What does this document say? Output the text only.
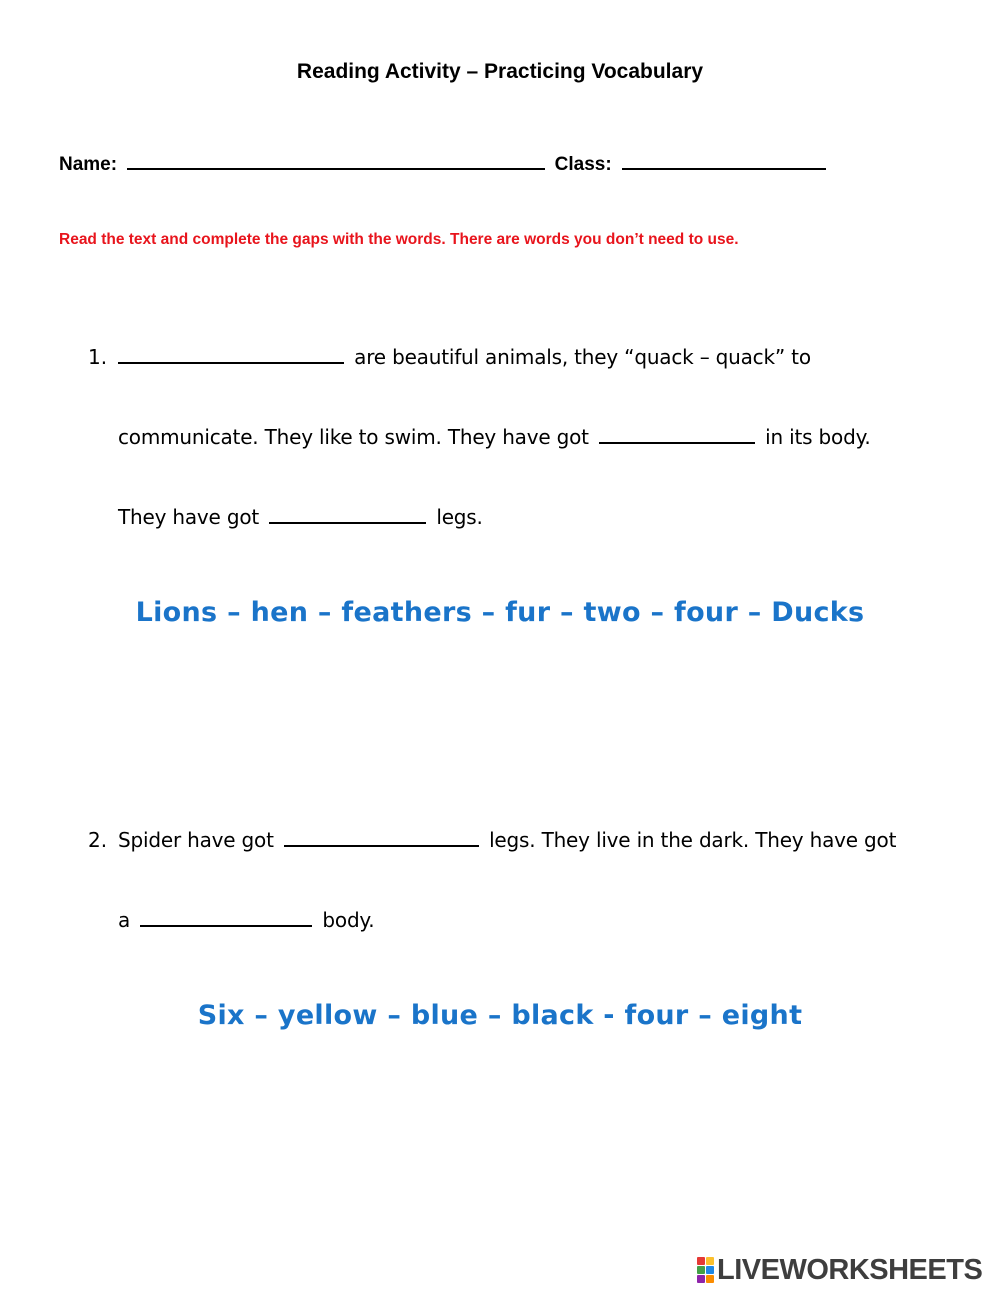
Reading Activity – Practicing Vocabulary
Name:	Class:
Read the text and complete the gaps with the words. There are words you don’t need to use.
1.	are beautiful animals, they “quack – quack” to
communicate. They like to swim. They have got	in its body.
They have got	legs.
Lions – hen – feathers – fur – two – four – Ducks
2. Spider have got	legs. They live in the dark. They have got
a	body.
Six – yellow – blue – black - four – eight
LIVEWORKSHEETS
